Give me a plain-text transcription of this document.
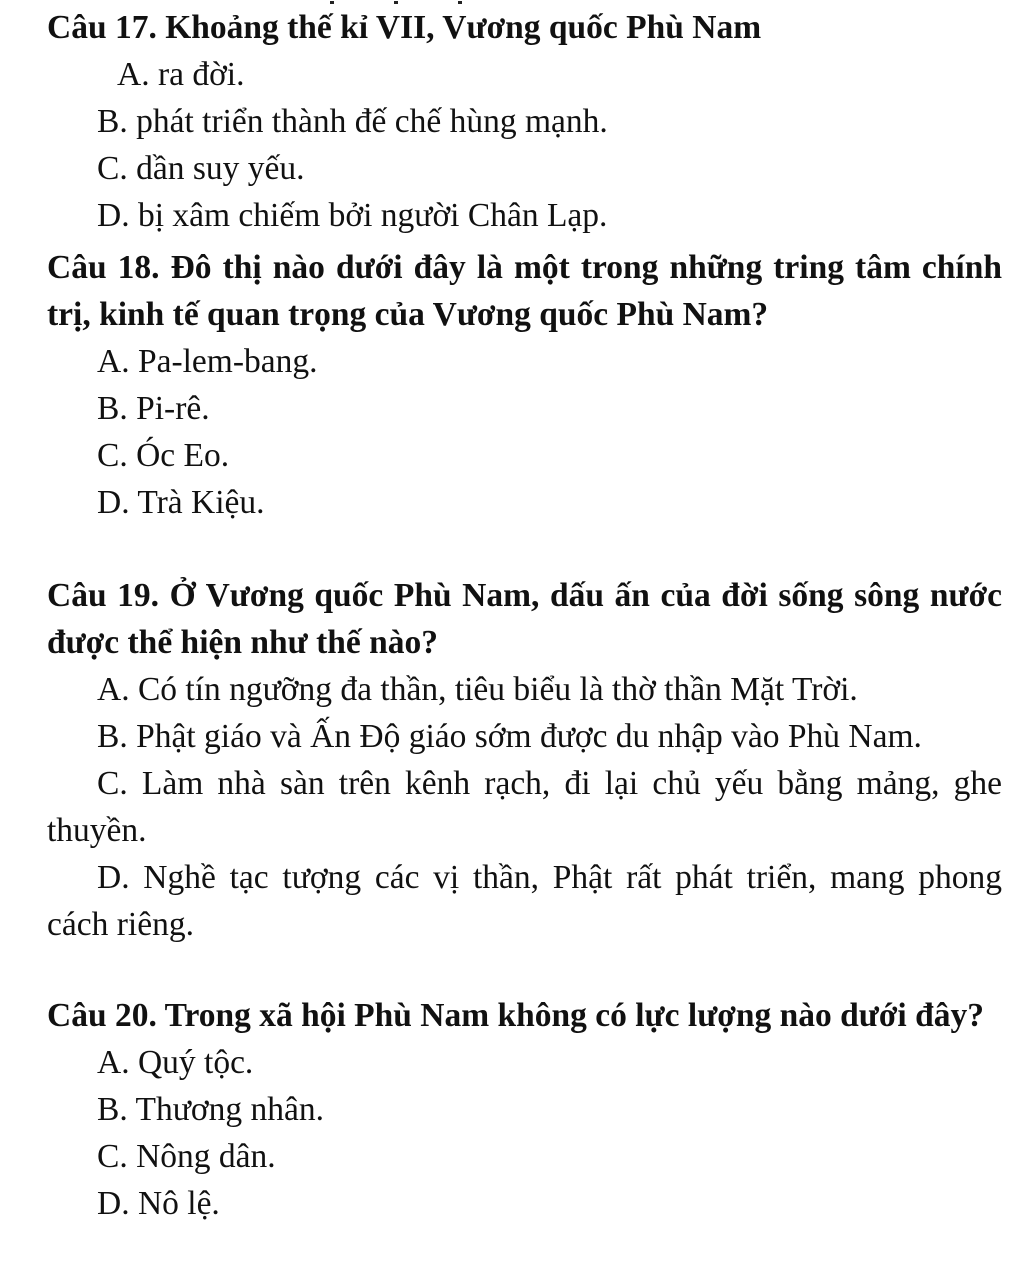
Câu 17. Khoảng thế kỉ VII, Vương quốc Phù Nam

A. ra đời.

B. phát triển thành đế chế hùng mạnh.

C. dần suy yếu.

D. bị xâm chiếm bởi người Chân Lạp.

Câu 18. Đô thị nào dưới đây là một trong những tring tâm chính trị, kinh tế quan trọng của Vương quốc Phù Nam?

A. Pa-lem-bang.

B. Pi-rê.

C. Óc Eo.

D. Trà Kiệu.

Câu 19. Ở Vương quốc Phù Nam, dấu ấn của đời sống sông nước được thể hiện như thế nào?

A. Có tín ngưỡng đa thần, tiêu biểu là thờ thần Mặt Trời.

B. Phật giáo và Ấn Độ giáo sớm được du nhập vào Phù Nam.

C. Làm nhà sàn trên kênh rạch, đi lại chủ yếu bằng mảng, ghe thuyền.

D. Nghề tạc tượng các vị thần, Phật rất phát triển, mang phong cách riêng.

Câu 20. Trong xã hội Phù Nam không có lực lượng nào dưới đây?

A. Quý tộc.

B. Thương nhân.

C. Nông dân.

D. Nô lệ.
